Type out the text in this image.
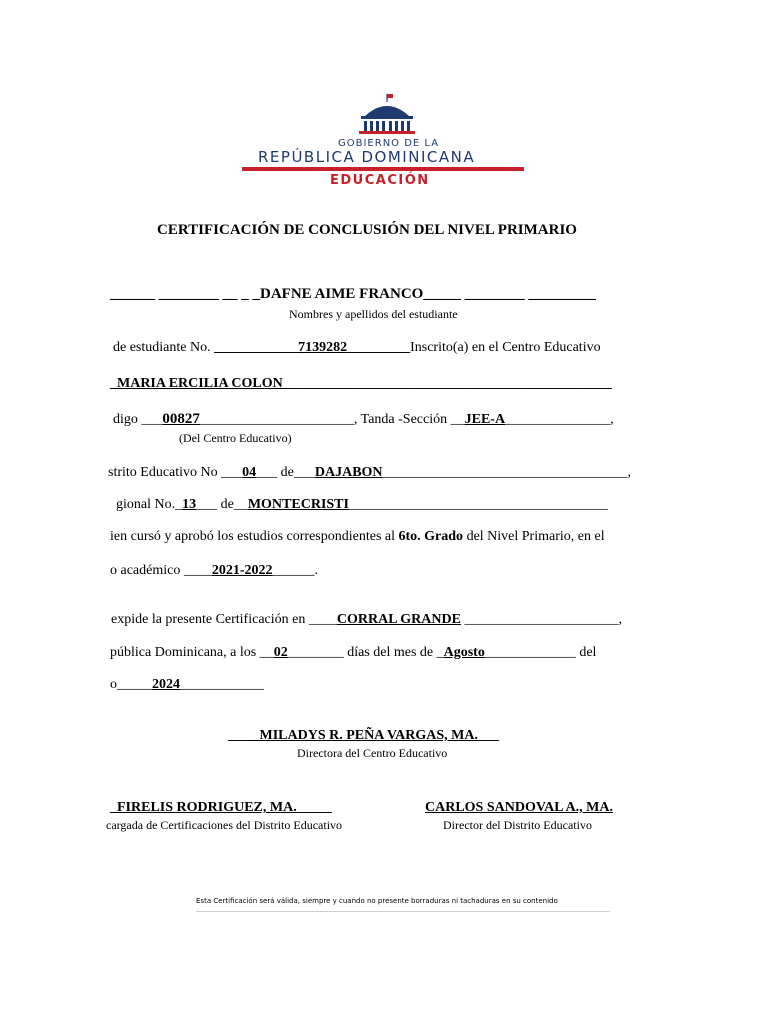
GOBIERNO DE LA
REPÚBLICA DOMINICANA
EDUCACIÓN
CERTIFICACIÓN DE CONCLUSIÓN DEL NIVEL PRIMARIO
______ ________ __ _ _DAFNE AIME FRANCO_____ ________ _________
Nombres y apellidos del estudiante
de estudiante No. ____________7139282_________Inscrito(a) en el Centro Educativo
_MARIA ERCILIA COLON_______________________________________________
digo ___00827______________________, Tanda -Sección __JEE-A_______________,
(Del Centro Educativo)
strito Educativo No ___04___ de___DAJABON___________________________________,
gional No._13___ de__MONTECRISTI_____________________________________
ien cursó y aprobó los estudios correspondientes al 6to. Grado del Nivel Primario, en el
o académico ____2021-2022______.
expide la presente Certificación en ____CORRAL GRANDE ______________________,
pública Dominicana, a los __02________ días del mes de _Agosto_____________ del
o_____2024____________
____ MILADYS R. PEÑA VARGAS, MA.___
Directora del Centro Educativo
_FIRELIS RODRIGUEZ, MA._____
cargada de Certificaciones del Distrito Educativo
CARLOS SANDOVAL A., MA.
Director del Distrito Educativo
Esta Certificación será válida, siempre y cuando no presente borraduras ni tachaduras en su contenido
